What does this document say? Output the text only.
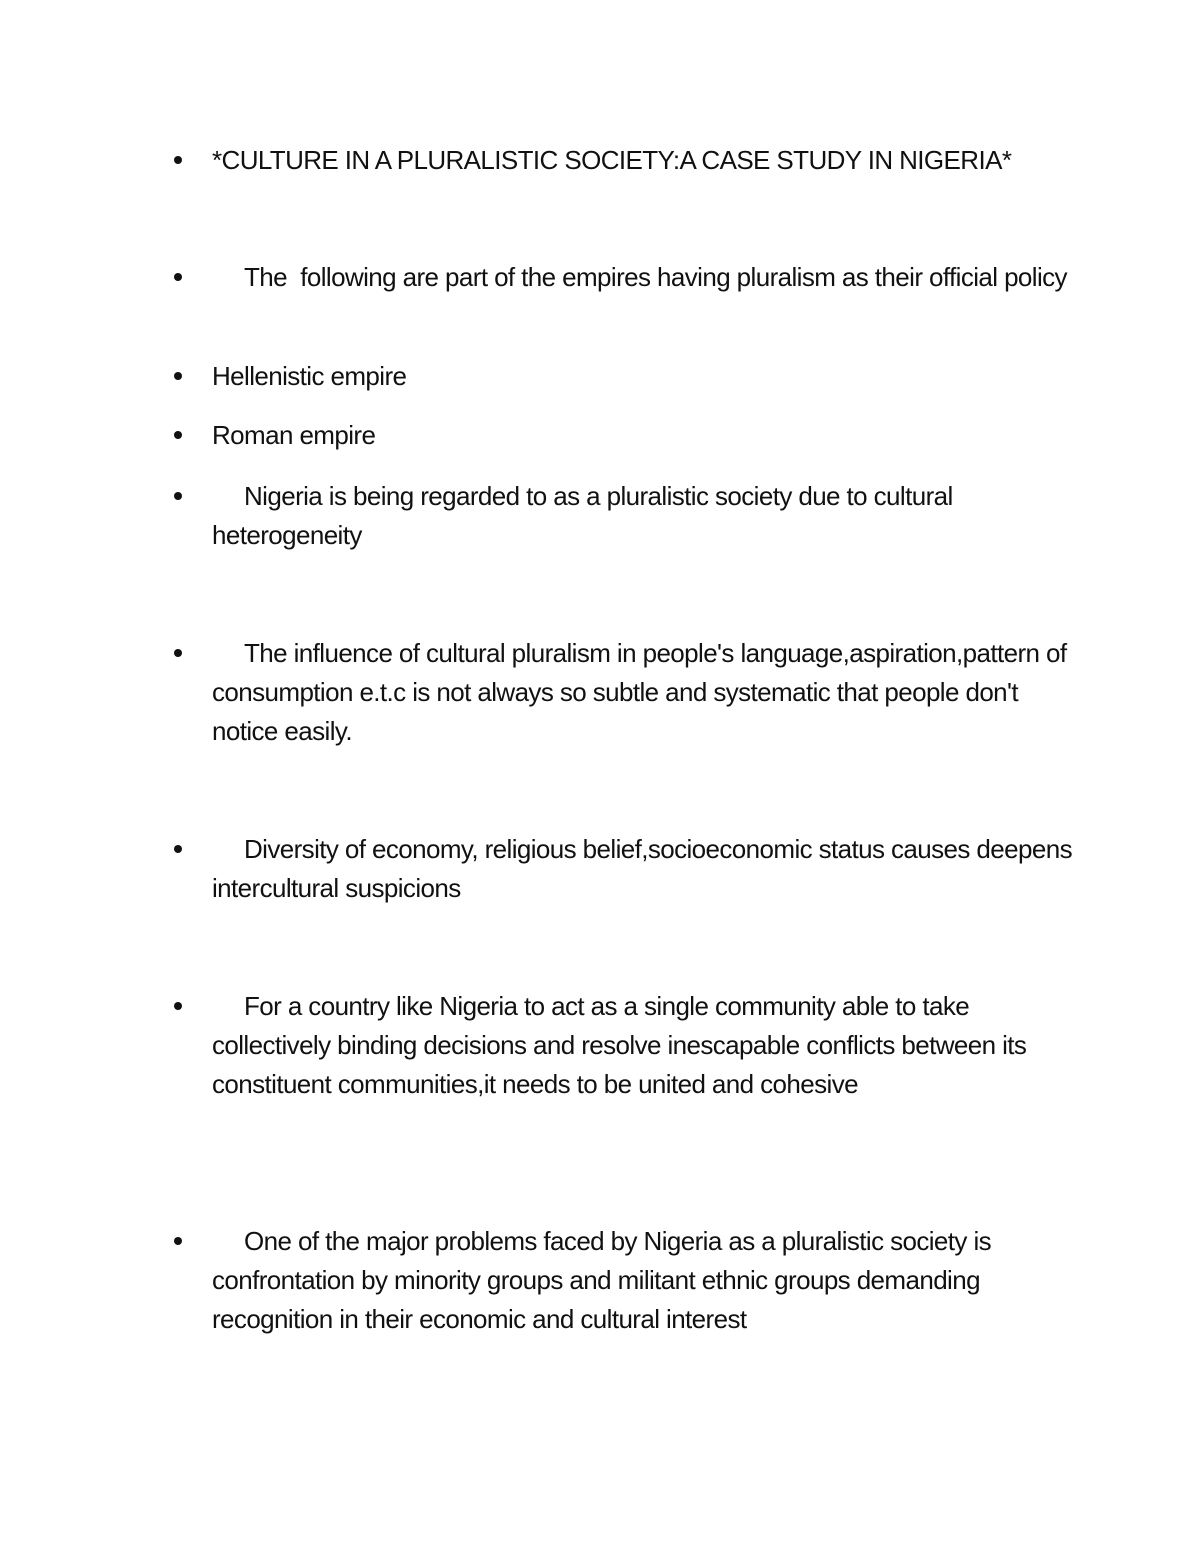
*CULTURE IN A PLURALISTIC SOCIETY:A CASE STUDY IN NIGERIA*
The  following are part of the empires having pluralism as their official policy
Hellenistic empire
Roman empire
Nigeria is being regarded to as a pluralistic society due to cultural heterogeneity
The influence of cultural pluralism in people's language,aspiration,pattern of consumption e.t.c is not always so subtle and systematic that people don't  notice easily.
Diversity of economy, religious belief,socioeconomic status causes deepens intercultural suspicions
For a country like Nigeria to act as a single community able to take collectively binding decisions and resolve inescapable conflicts between its constituent communities,it needs to be united and cohesive
One of the major problems faced by Nigeria as a pluralistic society is confrontation by minority groups and militant ethnic groups demanding recognition in their economic and cultural interest
